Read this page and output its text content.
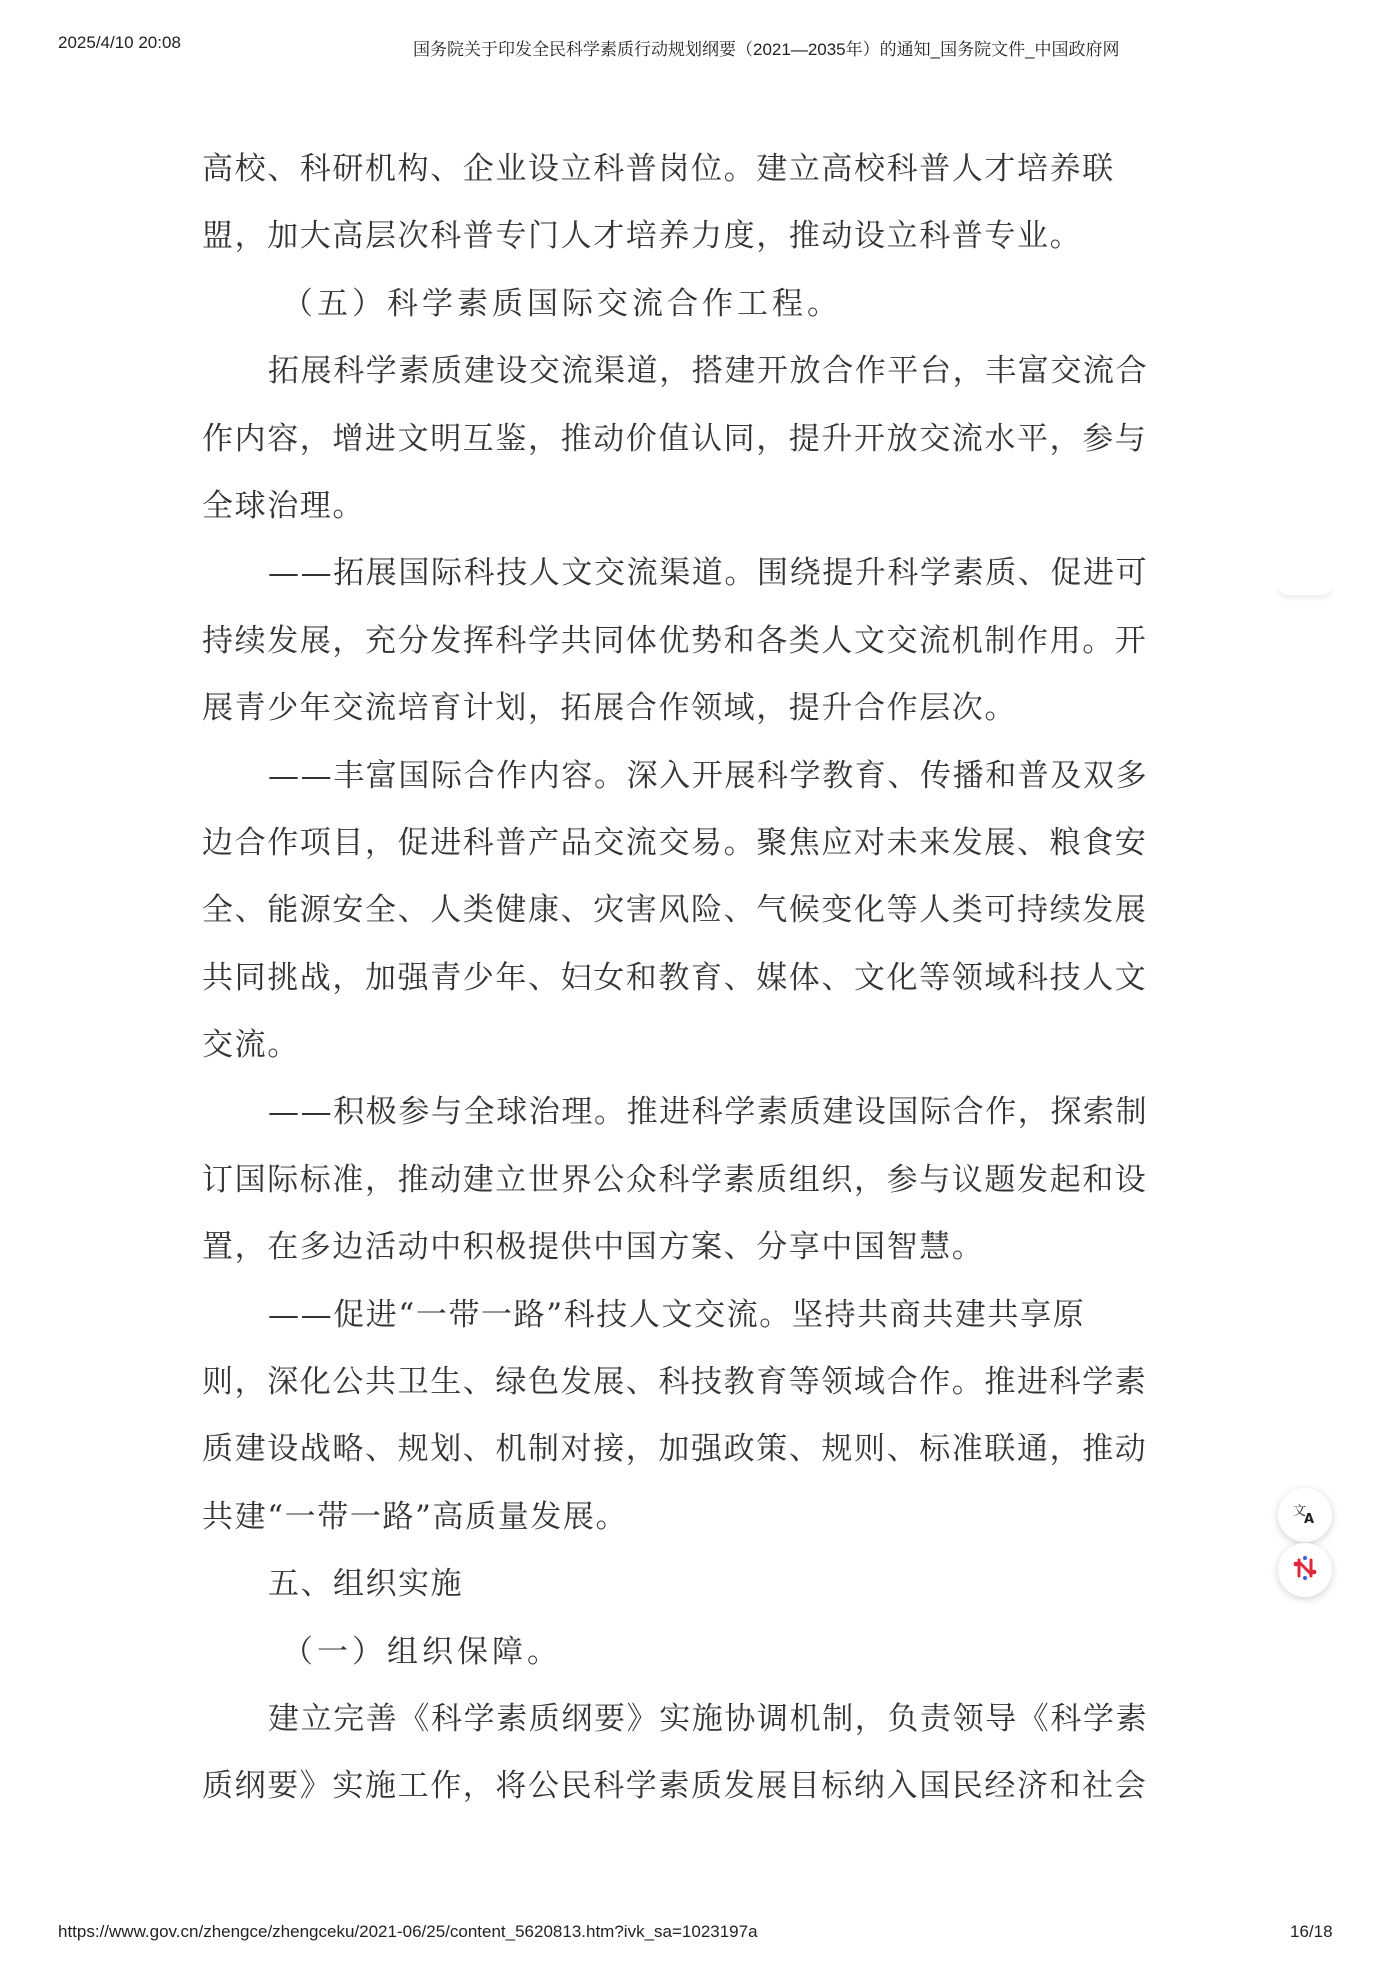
2025/4/10 20:08	国务院关于印发全民科学素质行动规划纲要（2021—2035年）的通知_国务院文件_中国政府网
高校、科研机构、企业设立科普岗位。建立高校科普人才培养联
盟，加大高层次科普专门人才培养力度，推动设立科普专业。
（五）科学素质国际交流合作工程。
拓展科学素质建设交流渠道，搭建开放合作平台，丰富交流合
作内容，增进文明互鉴，推动价值认同，提升开放交流水平，参与
全球治理。
——拓展国际科技人文交流渠道。围绕提升科学素质、促进可
持续发展，充分发挥科学共同体优势和各类人文交流机制作用。开
展青少年交流培育计划，拓展合作领域，提升合作层次。
——丰富国际合作内容。深入开展科学教育、传播和普及双多
边合作项目，促进科普产品交流交易。聚焦应对未来发展、粮食安
全、能源安全、人类健康、灾害风险、气候变化等人类可持续发展
共同挑战，加强青少年、妇女和教育、媒体、文化等领域科技人文
交流。
——积极参与全球治理。推进科学素质建设国际合作，探索制
订国际标准，推动建立世界公众科学素质组织，参与议题发起和设
置，在多边活动中积极提供中国方案、分享中国智慧。
——促进“一带一路”科技人文交流。坚持共商共建共享原
则，深化公共卫生、绿色发展、科技教育等领域合作。推进科学素
质建设战略、规划、机制对接，加强政策、规则、标准联通，推动
共建“一带一路”高质量发展。
五、组织实施
（一）组织保障。
建立完善《科学素质纲要》实施协调机制，负责领导《科学素
质纲要》实施工作，将公民科学素质发展目标纳入国民经济和社会
文
A
https://www.gov.cn/zhengce/zhengceku/2021-06/25/content_5620813.htm?ivk_sa=1023197a	16/18
